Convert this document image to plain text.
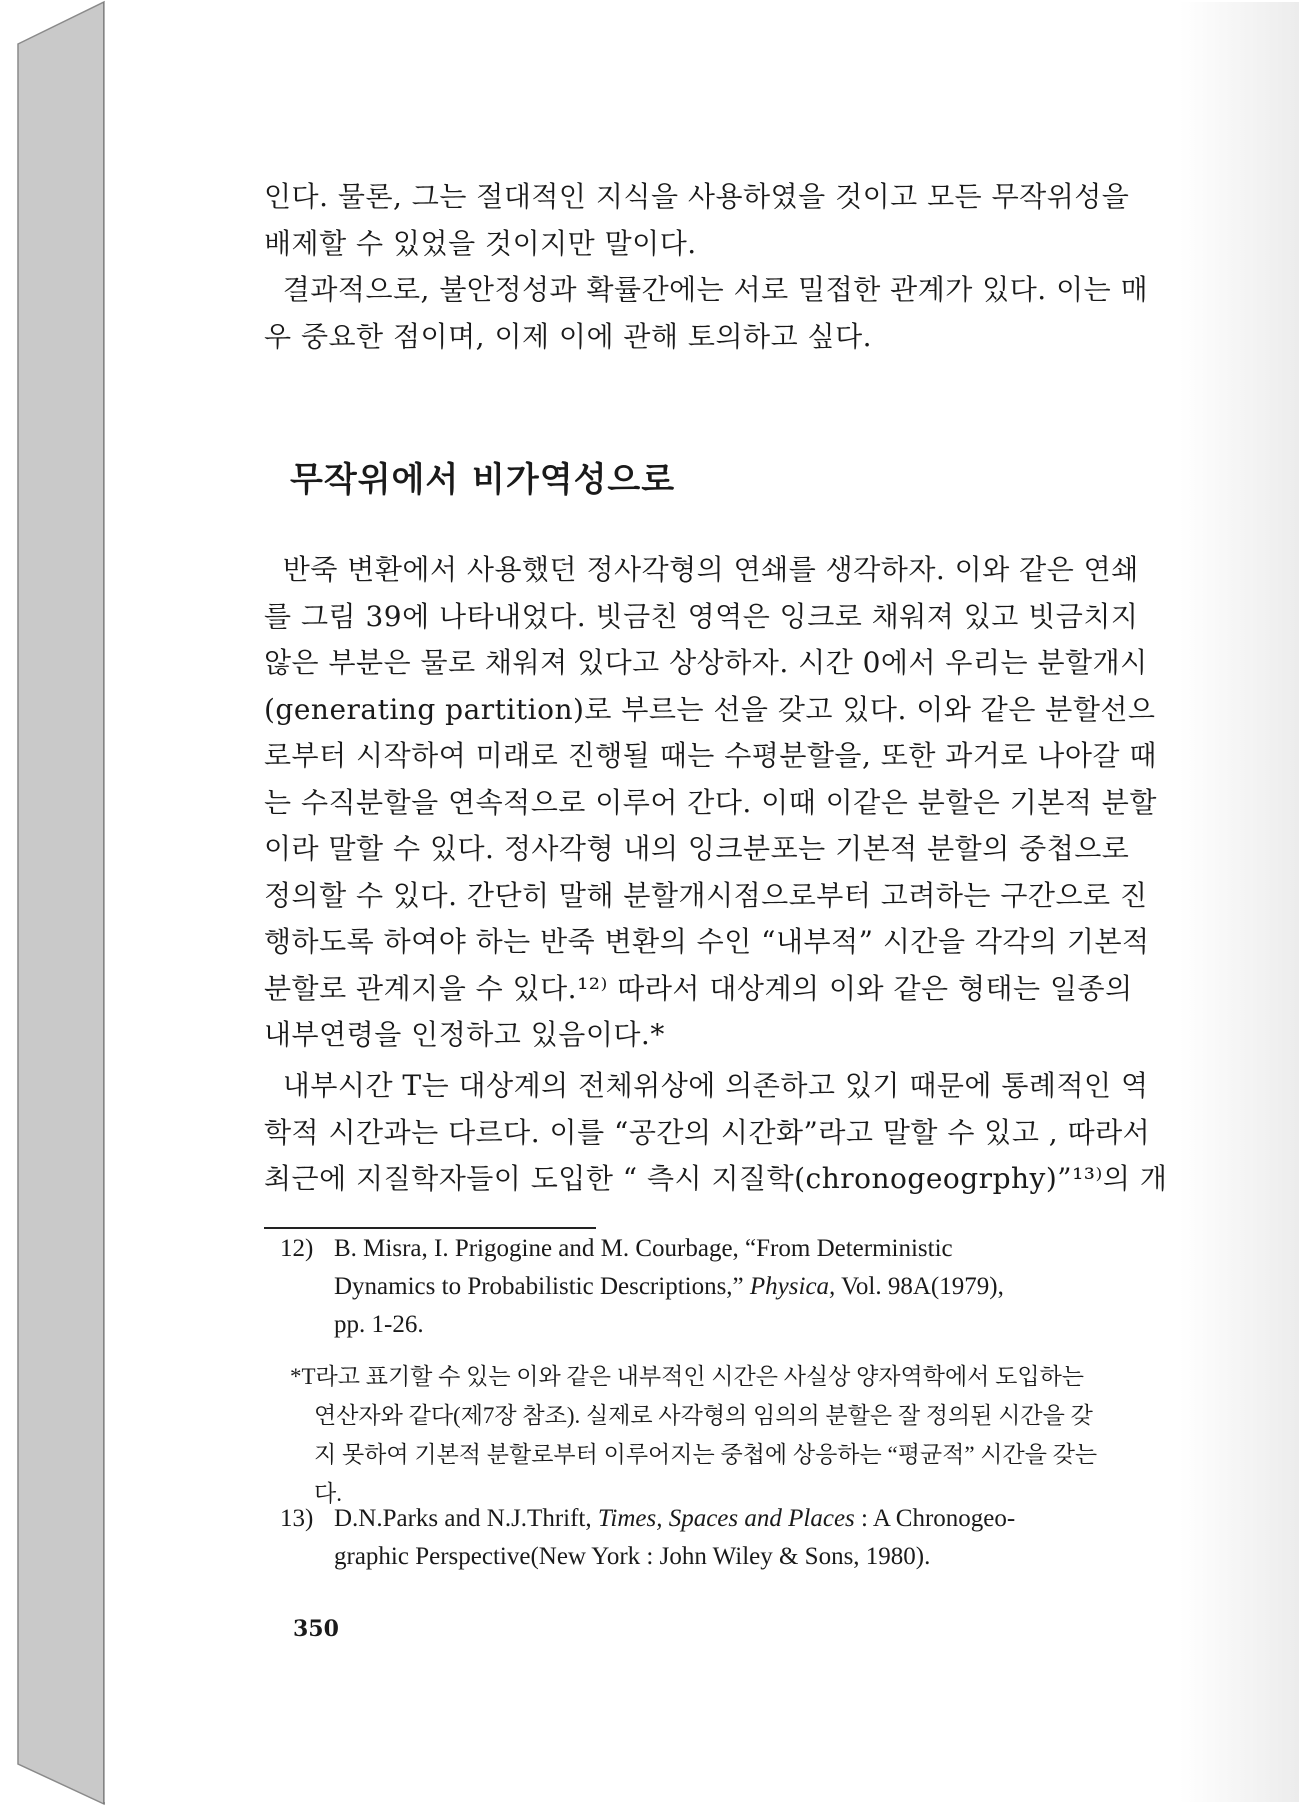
인다. 물론, 그는 절대적인 지식을 사용하였을 것이고 모든 무작위성을
배제할 수 있었을 것이지만 말이다.
결과적으로, 불안정성과 확률간에는 서로 밀접한 관계가 있다. 이는 매
우 중요한 점이며, 이제 이에 관해 토의하고 싶다.
무작위에서 비가역성으로
반죽 변환에서 사용했던 정사각형의 연쇄를 생각하자. 이와 같은 연쇄
를 그림 39에 나타내었다. 빗금친 영역은 잉크로 채워져 있고 빗금치지
않은 부분은 물로 채워져 있다고 상상하자. 시간 0에서 우리는 분할개시
(generating partition)로 부르는 선을 갖고 있다. 이와 같은 분할선으
로부터 시작하여 미래로 진행될 때는 수평분할을, 또한 과거로 나아갈 때
는 수직분할을 연속적으로 이루어 간다. 이때 이같은 분할은 기본적 분할
이라 말할 수 있다. 정사각형 내의 잉크분포는 기본적 분할의 중첩으로
정의할 수 있다. 간단히 말해 분할개시점으로부터 고려하는 구간으로 진
행하도록 하여야 하는 반죽 변환의 수인 “내부적” 시간을 각각의 기본적
분할로 관계지을 수 있다.¹²⁾ 따라서 대상계의 이와 같은 형태는 일종의
내부연령을 인정하고 있음이다.*
내부시간 T는 대상계의 전체위상에 의존하고 있기 때문에 통례적인 역
학적 시간과는 다르다. 이를 “공간의 시간화”라고 말할 수 있고 , 따라서
최근에 지질학자들이 도입한 “ 측시 지질학(chronogeogrphy)”¹³⁾의 개
12) B. Misra, I. Prigogine and M. Courbage, “From Deterministic
Dynamics to Probabilistic Descriptions,” Physica, Vol. 98A(1979),
pp. 1-26.
*T라고 표기할 수 있는 이와 같은 내부적인 시간은 사실상 양자역학에서 도입하는
연산자와 같다(제7장 참조). 실제로 사각형의 임의의 분할은 잘 정의된 시간을 갖
지 못하여 기본적 분할로부터 이루어지는 중첩에 상응하는 “평균적” 시간을 갖는
다.
13) D.N.Parks and N.J.Thrift, Times, Spaces and Places : A Chronogeo-
graphic Perspective(New York : John Wiley & Sons, 1980).
350
